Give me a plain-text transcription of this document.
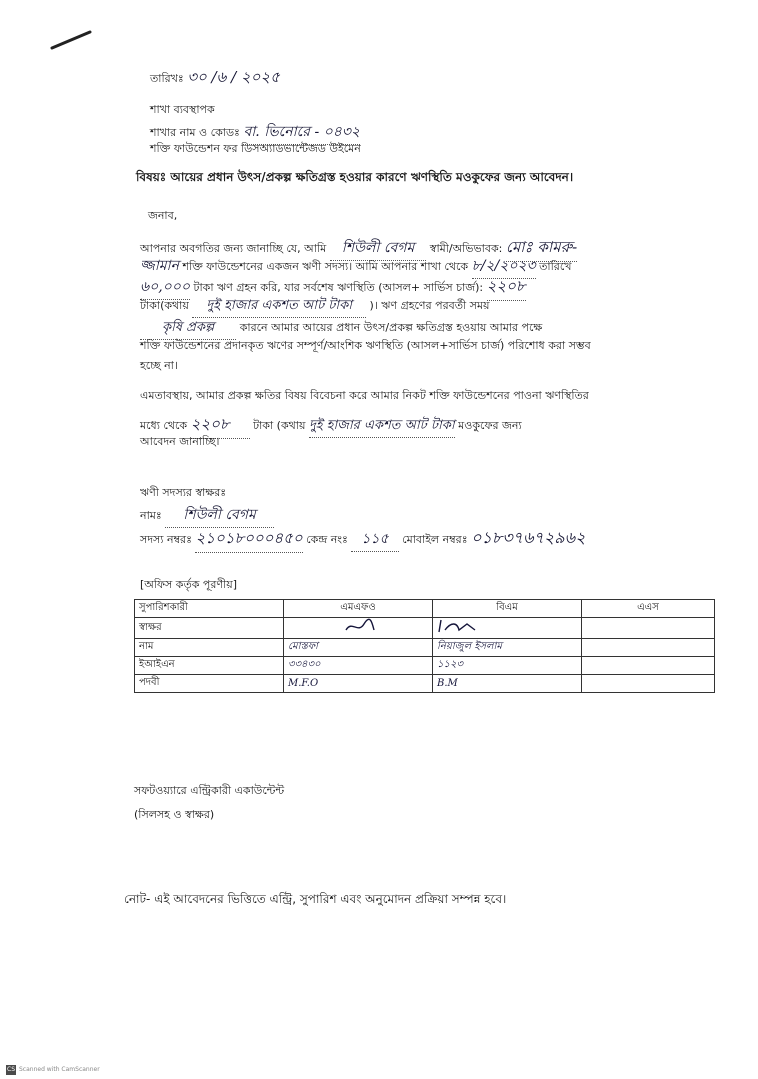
তারিখঃ ৩০ /৬ / ২০২৫
শাখা ব্যবস্থাপক
শাখার নাম ও কোডঃ বা. ভিনোরে - ০৪৩২
শক্তি ফাউন্ডেশন ফর ডিসঅ্যাডভান্টেজড উইমেন
বিষয়ঃ আয়ের প্রধান উৎস/প্রকল্প ক্ষতিগ্রস্ত হওয়ার কারণে ঋণস্থিতি মওকুফের জন্য আবেদন।
জনাব,
আপনার অবগতির জন্য জানাচ্ছি যে, আমি শিউলী বেগম স্বামী/অভিভাবক: মোঃ কামরু-
জ্জামান শক্তি ফাউন্ডেশনের একজন ঋণী সদস্য। আমি আপনার শাখা থেকে ৮/২/২০২৩ তারিখে
৬০,০০০ টাকা ঋণ গ্রহন করি, যার সর্বশেষ ঋণস্থিতি (আসল+ সার্ভিস চার্জ): ২২০৮
টাকা(কথায় দুই হাজার একশত আট টাকা )। ঋণ গ্রহণের পরবর্তী সময়
কৃষি প্রকল্প কারনে আমার আয়ের প্রধান উৎস/প্রকল্প ক্ষতিগ্রস্ত হওয়ায় আমার পক্ষে
শক্তি ফাউন্ডেশনের প্রদানকৃত ঋণের সম্পূর্ণ/আংশিক ঋণস্থিতি (আসল+সার্ভিস চার্জ) পরিশোধ করা সম্ভব
হচ্ছে না।
এমতাবস্থায়, আমার প্রকল্প ক্ষতির বিষয় বিবেচনা করে আমার নিকট শক্তি ফাউন্ডেশনের পাওনা ঋণস্থিতির
মধ্যে থেকে ২২০৮ টাকা (কথায় দুই হাজার একশত আট টাকা মওকুফের জন্য
আবেদন জানাচ্ছি।
ঋণী সদস্যর স্বাক্ষরঃ
নামঃ শিউলী বেগম
সদস্য নম্বরঃ ২১০১৮০০০৪৫০ কেন্দ্র নংঃ ১১৫ মোবাইল নম্বরঃ ০১৮৩৭৬৭২৯৬২
[অফিস কর্তৃক পূরণীয়]
সুপারিশকারী	এমএফও	বিএম	এএস
স্বাক্ষর			
নাম	মোস্তফা	নিয়াজুল ইসলাম	
ইআইএন	৩৩৪৩০	১১২৩	
পদবী	M.F.O	B.M	
সফটওয়্যারে এন্ট্রিকারী একাউন্টেন্ট
(সিলসহ ও স্বাক্ষর)
নোট- এই আবেদনের ভিত্তিতে এন্ট্রি, সুপারিশ এবং অনুমোদন প্রক্রিয়া সম্পন্ন হবে।
CS Scanned with CamScanner
